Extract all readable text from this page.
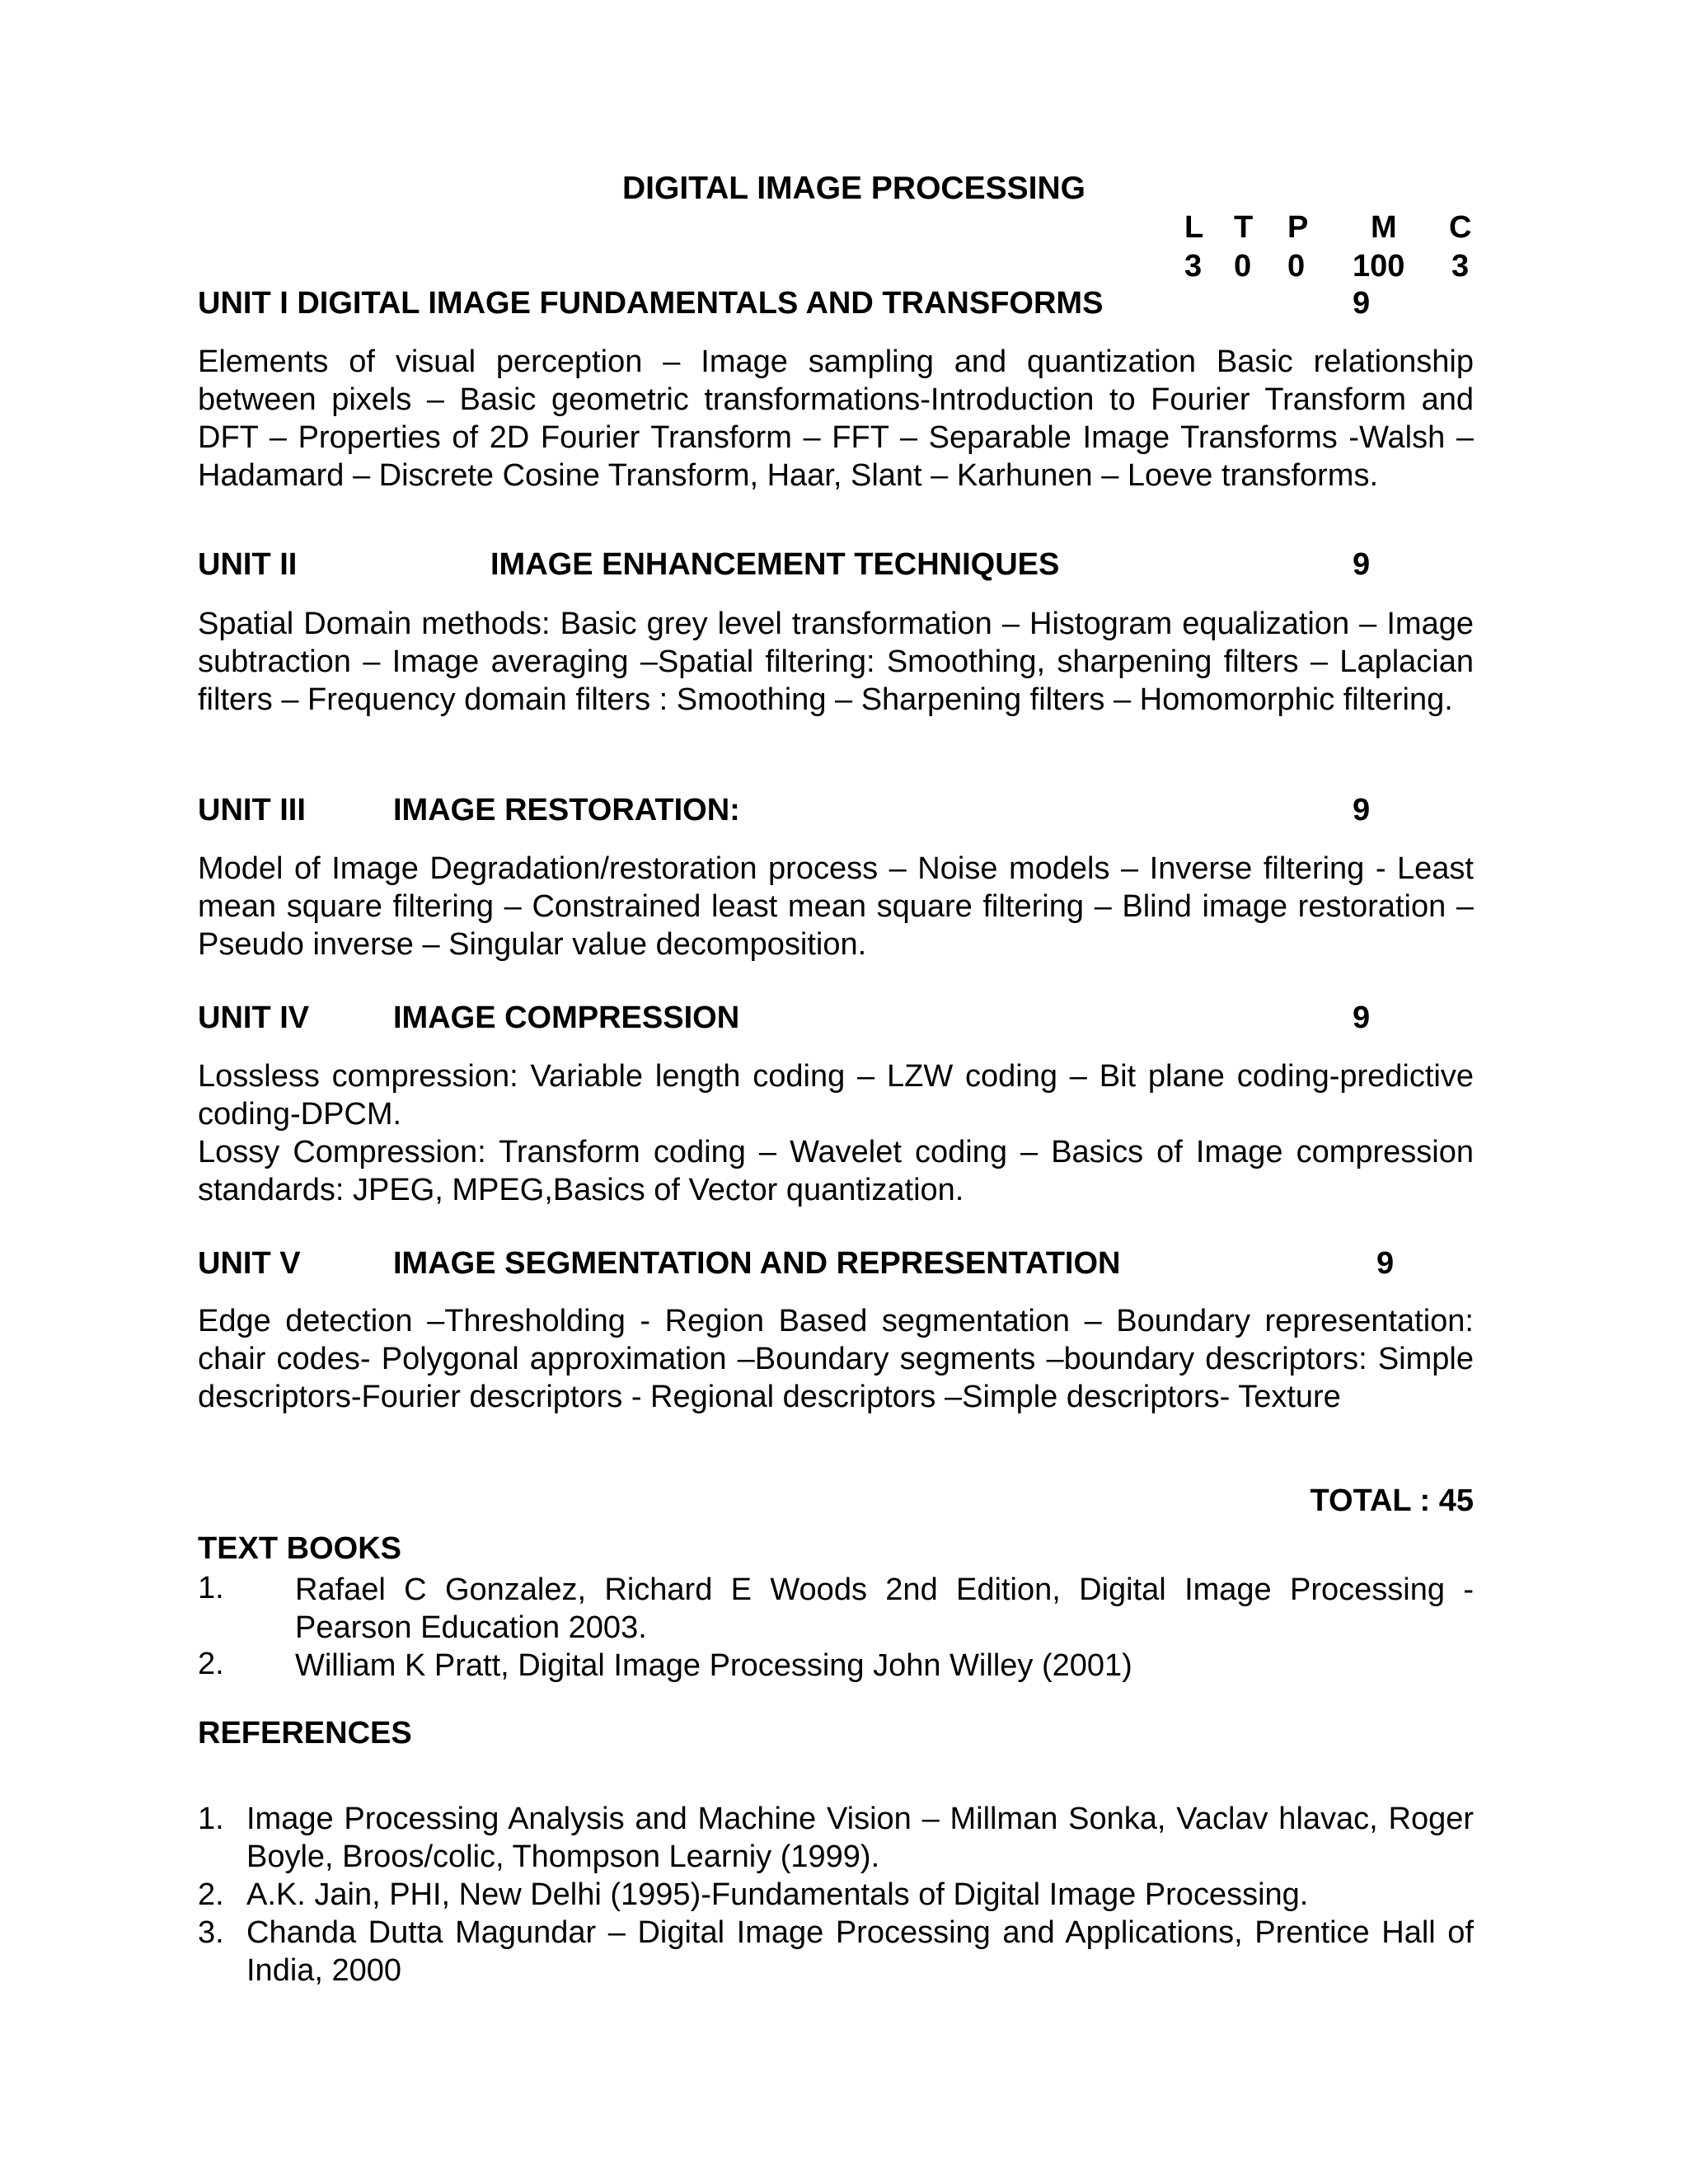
DIGITAL IMAGE PROCESSING
L T P M C
3 0 0 100 3
UNIT I DIGITAL IMAGE FUNDAMENTALS AND TRANSFORMS	9
Elements of visual perception – Image sampling and quantization Basic relationship between pixels – Basic geometric transformations-Introduction to Fourier Transform and DFT – Properties of 2D Fourier Transform – FFT – Separable Image Transforms -Walsh – Hadamard – Discrete Cosine Transform, Haar, Slant – Karhunen – Loeve transforms.
UNIT II	IMAGE ENHANCEMENT TECHNIQUES	9
Spatial Domain methods: Basic grey level transformation – Histogram equalization – Image subtraction – Image averaging –Spatial filtering: Smoothing, sharpening filters – Laplacian filters – Frequency domain filters : Smoothing – Sharpening filters – Homomorphic filtering.
UNIT III	IMAGE RESTORATION:	9
Model of Image Degradation/restoration process – Noise models – Inverse filtering - Least mean square filtering – Constrained least mean square filtering – Blind image restoration – Pseudo inverse – Singular value decomposition.
UNIT IV	IMAGE COMPRESSION	9
Lossless compression: Variable length coding – LZW coding – Bit plane coding-predictive coding-DPCM.
Lossy Compression: Transform coding – Wavelet coding – Basics of Image compression standards: JPEG, MPEG,Basics of Vector quantization.
UNIT V	IMAGE SEGMENTATION AND REPRESENTATION	9
Edge detection –Thresholding - Region Based segmentation – Boundary representation: chair codes- Polygonal approximation –Boundary segments –boundary descriptors: Simple descriptors-Fourier descriptors - Regional descriptors –Simple descriptors- Texture
TOTAL : 45
TEXT BOOKS
1. Rafael C Gonzalez, Richard E Woods 2nd Edition, Digital Image Processing - Pearson Education 2003.
2. William K Pratt, Digital Image Processing John Willey (2001)
REFERENCES
1. Image Processing Analysis and Machine Vision – Millman Sonka, Vaclav hlavac, Roger Boyle, Broos/colic, Thompson Learniy (1999).
2. A.K. Jain, PHI, New Delhi (1995)-Fundamentals of Digital Image Processing.
3. Chanda Dutta Magundar – Digital Image Processing and Applications, Prentice Hall of India, 2000
